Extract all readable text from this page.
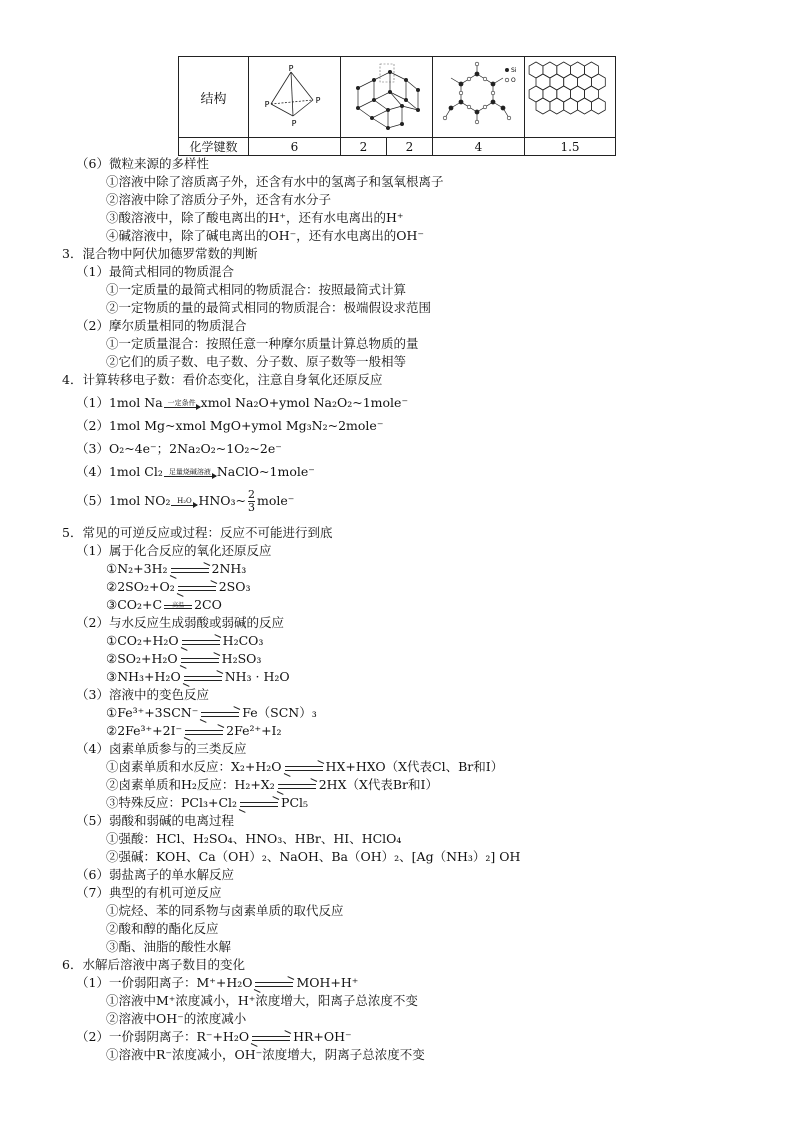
结构	P
P P
P			Si
O

化学键数	6	2	2	4	1.5
（6）微粒来源的多样性
①溶液中除了溶质离子外，还含有水中的氢离子和氢氧根离子
②溶液中除了溶质分子外，还含有水分子
③酸溶液中，除了酸电离出的H⁺，还有水电离出的H⁺
④碱溶液中，除了碱电离出的OH⁻，还有水电离出的OH⁻
3．混合物中阿伏加德罗常数的判断
（1）最简式相同的物质混合
①一定质量的最简式相同的物质混合：按照最简式计算
②一定物质的量的最简式相同的物质混合：极端假设求范围
（2）摩尔质量相同的物质混合
①一定质量混合：按照任意一种摩尔质量计算总物质的量
②它们的质子数、电子数、分子数、原子数等一般相等
4．计算转移电子数：看价态变化，注意自身氧化还原反应
（1）1mol Na 一定条件 xmol Na₂O+ymol Na₂O₂~1mole⁻
（2）1mol Mg~xmol MgO+ymol Mg₃N₂~2mole⁻
（3）O₂~4e⁻；2Na₂O₂~1O₂~2e⁻
（4）1mol Cl₂ 足量烧碱溶液 NaClO~1mole⁻
（5）1mol NO₂ H₂O HNO₃~ $\frac{2}{3}$ mole⁻
5．常见的可逆反应或过程：反应不可能进行到底
（1）属于化合反应的氧化还原反应
①N₂+3H₂	2NH₃
②2SO₂+O₂	2SO₃
③CO₂+C	高温 2CO
（2）与水反应生成弱酸或弱碱的反应
①CO₂+H₂O	H₂CO₃
②SO₂+H₂O	H₂SO₃
③NH₃+H₂O	NH₃ · H₂O
（3）溶液中的变色反应
①Fe³⁺+3SCN⁻	Fe（SCN）₃
②2Fe³⁺+2I⁻	2Fe²⁺+I₂
（4）卤素单质参与的三类反应
①卤素单质和水反应：X₂+H₂O	HX+HXO（X代表Cl、Br和I）
②卤素单质和H₂反应：H₂+X₂	2HX（X代表Br和I）
③特殊反应：PCl₃+Cl₂	PCl₅
（5）弱酸和弱碱的电离过程
①强酸：HCl、H₂SO₄、HNO₃、HBr、HI、HClO₄
②强碱：KOH、Ca（OH）₂、NaOH、Ba（OH）₂、[Ag（NH₃）₂] OH
（6）弱盐离子的单水解反应
（7）典型的有机可逆反应
①烷烃、苯的同系物与卤素单质的取代反应
②酸和醇的酯化反应
③酯、油脂的酸性水解
6．水解后溶液中离子数目的变化
（1）一价弱阳离子：M⁺+H₂O	MOH+H⁺
①溶液中M⁺浓度减小，H⁺浓度增大，阳离子总浓度不变
②溶液中OH⁻的浓度减小
（2）一价弱阴离子：R⁻+H₂O	HR+OH⁻
①溶液中R⁻浓度减小，OH⁻浓度增大，阴离子总浓度不变
